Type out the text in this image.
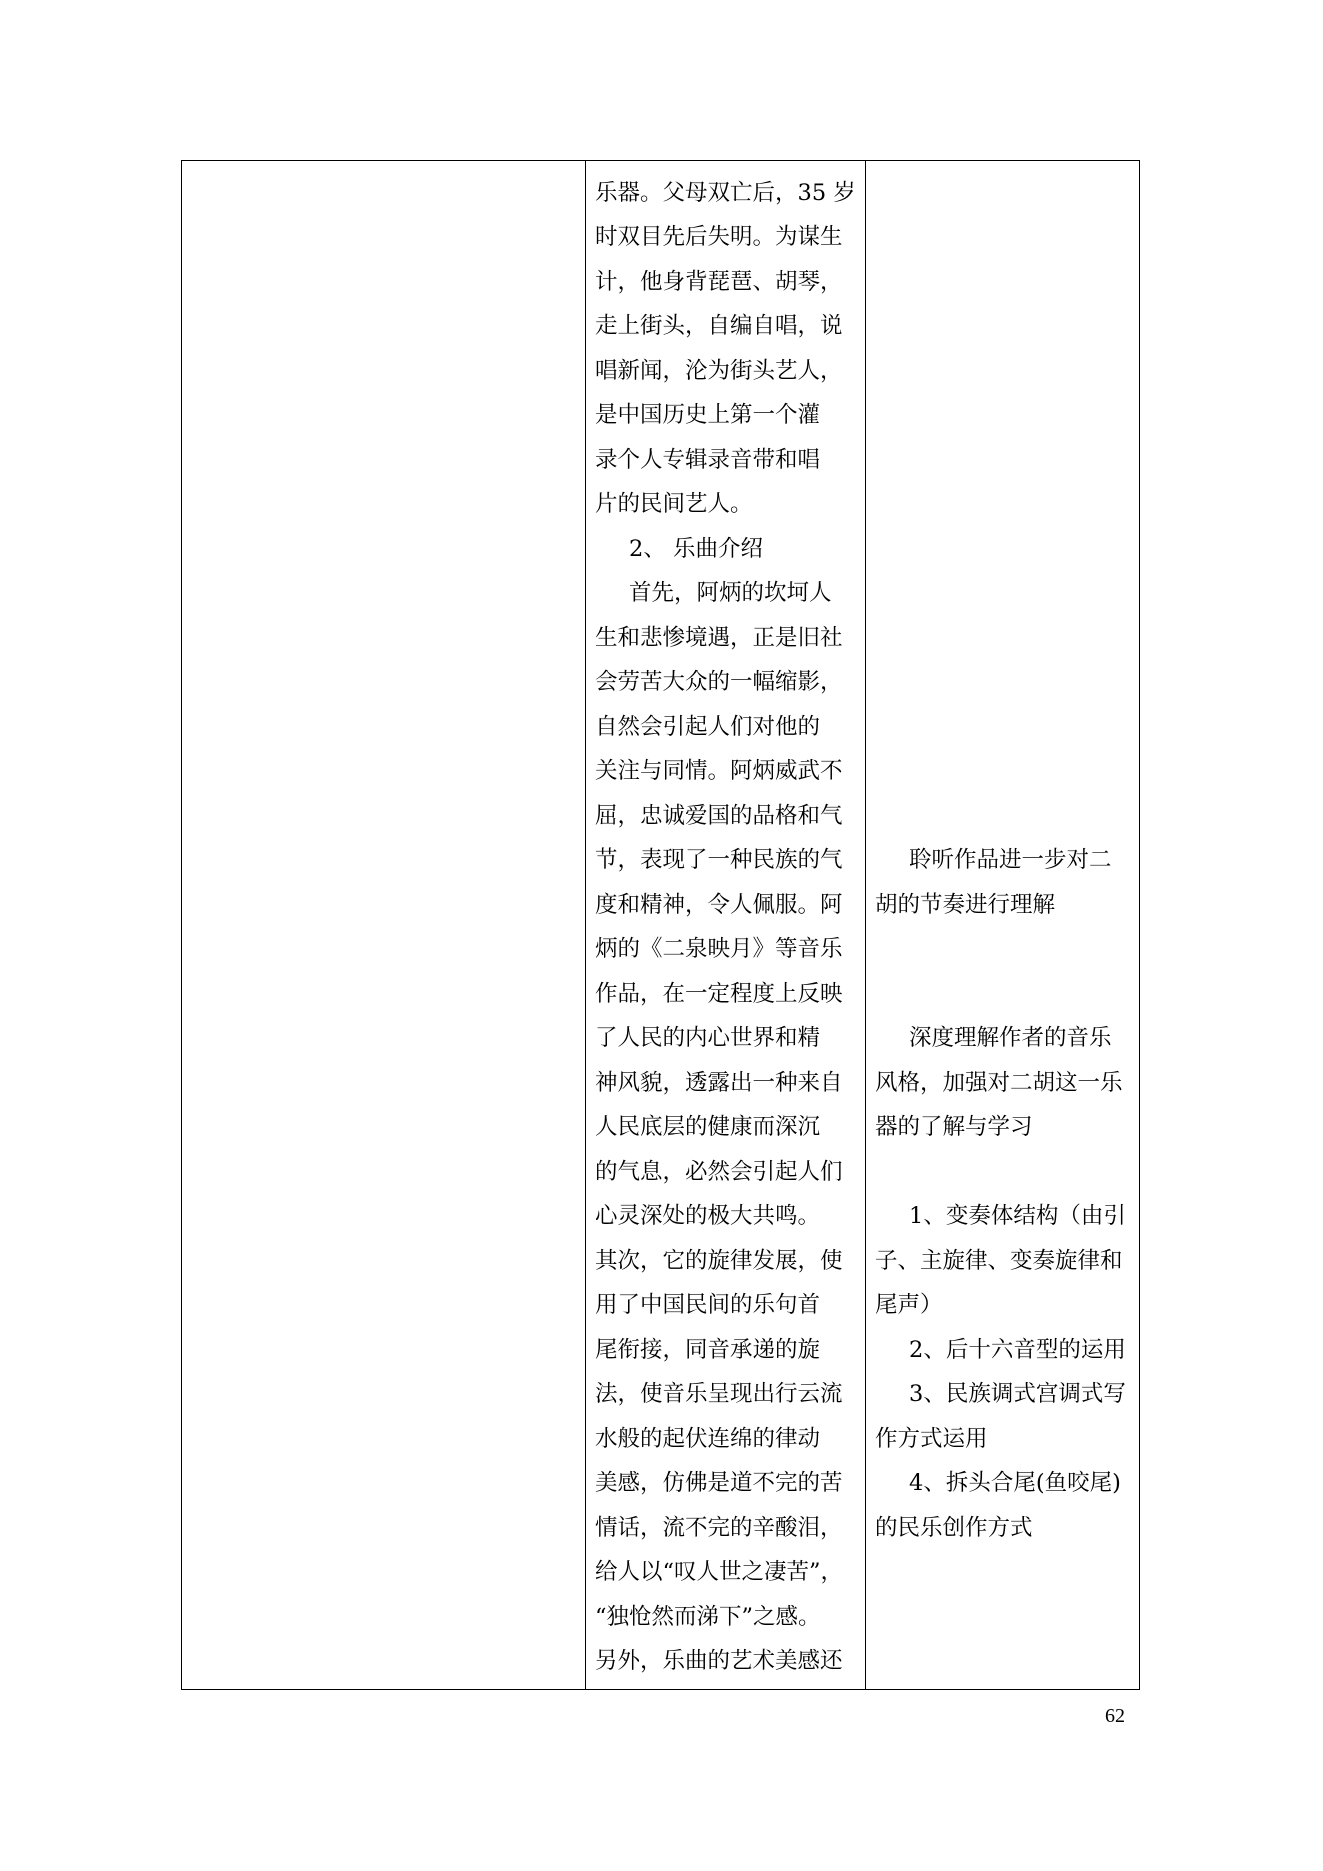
乐器。父母双亡后，35 岁
时双目先后失明。为谋生
计，他身背琵琶、胡琴，
走上街头，自编自唱，说
唱新闻，沦为街头艺人，
是中国历史上第一个灌
录个人专辑录音带和唱
片的民间艺人。
2、 乐曲介绍
首先，阿炳的坎坷人
生和悲惨境遇，正是旧社
会劳苦大众的一幅缩影，
自然会引起人们对他的
关注与同情。阿炳威武不
屈，忠诚爱国的品格和气
节，表现了一种民族的气
度和精神，令人佩服。阿
炳的《二泉映月》等音乐
作品，在一定程度上反映
了人民的内心世界和精
神风貌，透露出一种来自
人民底层的健康而深沉
的气息，必然会引起人们
心灵深处的极大共鸣。
其次，它的旋律发展，使
用了中国民间的乐句首
尾衔接，同音承递的旋
法，使音乐呈现出行云流
水般的起伏连绵的律动
美感，仿佛是道不完的苦
情话，流不完的辛酸泪，
给人以“叹人世之凄苦”，
“独怆然而涕下”之感。
另外，乐曲的艺术美感还
聆听作品进一步对二
胡的节奏进行理解
深度理解作者的音乐
风格，加强对二胡这一乐
器的了解与学习
1、变奏体结构（由引
子、主旋律、变奏旋律和
尾声）
2、后十六音型的运用
3、民族调式宫调式写
作方式运用
4、拆头合尾(鱼咬尾)
的民乐创作方式
62
